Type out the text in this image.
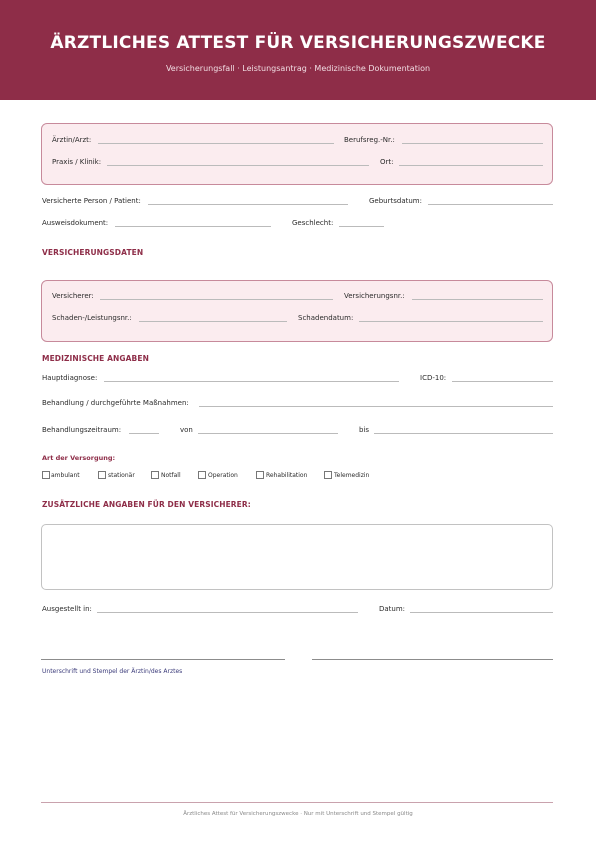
ÄRZTLICHES ATTEST FÜR VERSICHERUNGSZWECKE
Versicherungsfall · Leistungsantrag · Medizinische Dokumentation
Ärztin/Arzt:	Berufsreg.-Nr.:
Praxis / Klinik:	Ort:
Versicherte Person / Patient:	Geburtsdatum:
Ausweisdokument:	Geschlecht:
VERSICHERUNGSDATEN
Versicherer:	Versicherungsnr.:
Schaden-/Leistungsnr.:	Schadendatum:
MEDIZINISCHE ANGABEN
Hauptdiagnose:	ICD-10:
Behandlung / durchgeführte Maßnahmen:
Behandlungszeitraum:	von	bis
Art der Versorgung:
ambulant	stationär	Notfall	Operation	Rehabilitation	Telemedizin
ZUSÄTZLICHE ANGABEN FÜR DEN VERSICHERER:
Ausgestellt in:	Datum:
Unterschrift und Stempel der Ärztin/des Arztes
Ärztliches Attest für Versicherungszwecke · Nur mit Unterschrift und Stempel gültig
